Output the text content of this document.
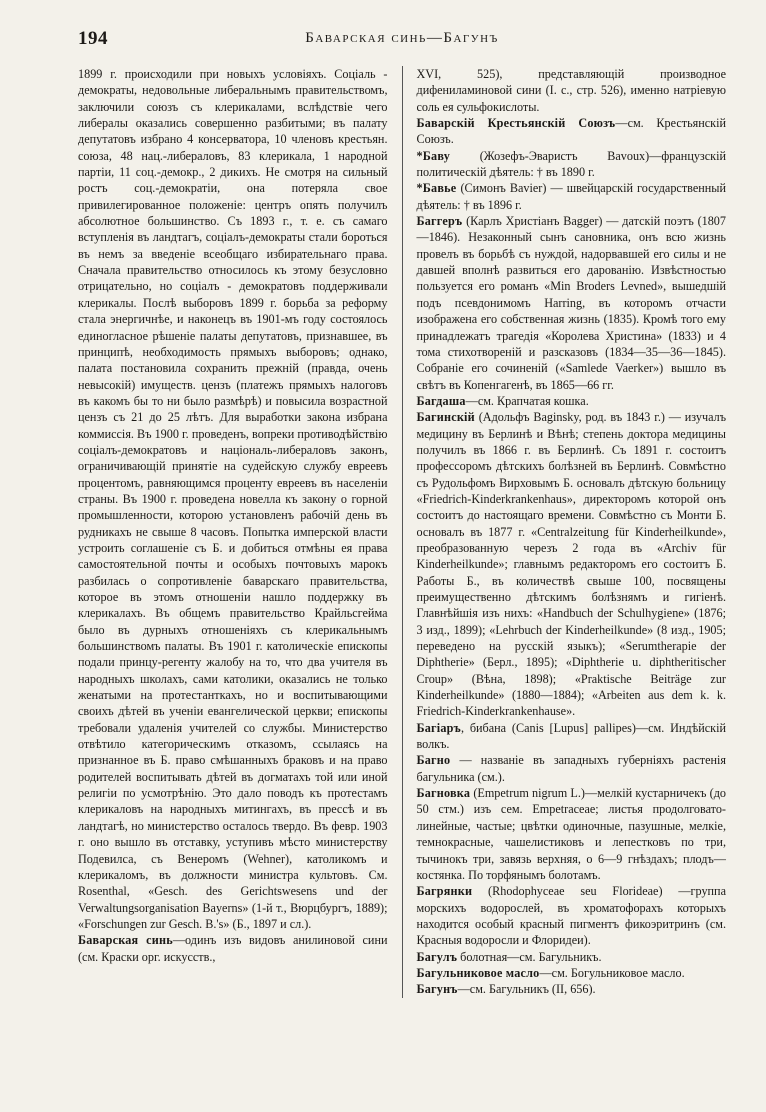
194	Баварская синь—Багунъ

1899 г. происходили при новыхъ условіяхъ. Соціаль - демократы, недовольные либеральнымъ правительствомъ, заключили союзъ съ клерикалами, вслѣдствіе чего либералы оказались совершенно разбитыми; въ палату депутатовъ избрано 4 консерватора, 10 членовъ крестьян. союза, 48 нац.-либераловъ, 83 клерикала, 1 народной партіи, 11 соц.-демокр., 2 дикихъ. Не смотря на сильный ростъ соц.-демократіи, она потеряла свое привилегированное положеніе: центръ опять получилъ абсолютное большинство. Съ 1893 г., т. е. съ самаго вступленія въ ландтагъ, соціалъ-демократы стали бороться въ немъ за введеніе всеобщаго избирательнаго права. Сначала правительство относилось къ этому безусловно отрицательно, но соціалъ - демократовъ поддерживали клерикалы. Послѣ выборовъ 1899 г. борьба за реформу стала энергичнѣе, и наконецъ въ 1901-мъ году состоялось единогласное рѣшеніе палаты депутатовъ, признавшее, въ принципѣ, необходимость прямыхъ выборовъ; однако, палата постановила сохранить прежній (правда, очень невысокій) имуществ. цензъ (платежъ прямыхъ налоговъ въ какомъ бы то ни было размѣрѣ) и повысила возрастной цензъ съ 21 до 25 лѣтъ. Для выработки закона избрана коммиссія. Въ 1900 г. проведенъ, вопреки противодѣйствію соціалъ-демократовъ и національ-либераловъ законъ, ограничивающій принятіе на судейскую службу евреевъ процентомъ, равняющимся проценту евреевъ въ населеніи страны. Въ 1900 г. проведена новелла къ закону о горной промышленности, которою установленъ рабочій день въ рудникахъ не свыше 8 часовъ. Попытка имперской власти устроить соглашеніе съ Б. и добиться отмѣны ея права самостоятельной почты и особыхъ почтовыхъ марокъ разбилась о сопротивленіе баварскаго правительства, которое въ этомъ отношеніи нашло поддержку въ клерикалахъ. Въ общемъ правительство Крайльсгейма было въ дурныхъ отношеніяхъ съ клерикальнымъ большинствомъ палаты. Въ 1901 г. католическіе епископы подали принцу-регенту жалобу на то, что два учителя въ народныхъ школахъ, сами католики, оказались не только женатыми на протестанткахъ, но и воспитывающими своихъ дѣтей въ ученіи евангелической церкви; епископы требовали удаленія учителей со службы. Министерство отвѣтило категорическимъ отказомъ, ссылаясь на признанное въ Б. право смѣшанныхъ браковъ и на право родителей воспитывать дѣтей въ догматахъ той или иной религіи по усмотрѣнію. Это дало поводъ къ протестамъ клерикаловъ на народныхъ митингахъ, въ прессѣ и въ ландтагѣ, но министерство осталось твердо. Въ февр. 1903 г. оно вышло въ отставку, уступивъ мѣсто министерству Подевилса, съ Венеромъ (Wehner), католикомъ и клерикаломъ, въ должности министра культовъ. См. Rosenthal, «Gesch. des Gerichtswesens und der Verwaltungsorganisation Bayerns» (1-й т., Вюрцбургъ, 1889); «Forschungen zur Gesch. B.'s» (Б., 1897 и сл.).

Баварская синь—одинъ изъ видовъ анилиновой сини (см. Краски орг. искусств.,

XVI, 525), представляющій производное дифениламиновой сини (I. с., стр. 526), именно натріевую соль ея сульфокислоты.

Баварскій Крестьянскій Союзъ—см. Крестьянскій Союзъ.

*Баву (Жозефъ-Эваристъ Bavoux)—французскій политическій дѣятель: † въ 1890 г.

*Бавье (Симонъ Bavier) — швейцарскій государственный дѣятель: † въ 1896 г.

Баггеръ (Карлъ Христіанъ Bagger) — датскій поэтъ (1807—1846). Незаконный сынъ сановника, онъ всю жизнь провелъ въ борьбѣ съ нуждой, надорвавшей его силы и не давшей вполнѣ развиться его дарованію. Извѣстностью пользуется его романъ «Min Broders Levned», вышедшій подъ псевдонимомъ Harring, въ которомъ отчасти изображена его собственная жизнь (1835). Кромѣ того ему принадлежатъ трагедія «Королева Христина» (1833) и 4 тома стихотвореній и разсказовъ (1834—35—36—1845). Собраніе его сочиненій («Samlede Vaerker») вышло въ свѣтъ въ Копенгагенѣ, въ 1865—66 гг.

Багдаша—см. Крапчатая кошка.

Багинскій (Адольфъ Baginsky, род. въ 1843 г.) — изучалъ медицину въ Берлинѣ и Вѣнѣ; степень доктора медицины получилъ въ 1866 г. въ Берлинѣ. Съ 1891 г. состоитъ профессоромъ дѣтскихъ болѣзней въ Берлинѣ. Совмѣстно съ Рудольфомъ Вирховымъ Б. основалъ дѣтскую больницу «Friedrich-Kinderkrankenhaus», директоромъ которой онъ состоитъ до настоящаго времени. Совмѣстно съ Монти Б. основалъ въ 1877 г. «Centralzeitung für Kinderheilkunde», преобразованную черезъ 2 года въ «Archiv für Kinderheilkunde»; главнымъ редакторомъ его состоитъ Б. Работы Б., въ количествѣ свыше 100, посвящены преимущественно дѣтскимъ болѣзнямъ и гигіенѣ. Главнѣйшія изъ нихъ: «Handbuch der Schulhygiene» (1876; 3 изд., 1899); «Lehrbuch der Kinderheilkunde» (8 изд., 1905; переведено на русскій языкъ); «Serumtherapie der Diphtherie» (Берл., 1895); «Diphtherie u. diphtheritischer Croup» (Вѣна, 1898); «Praktische Beiträge zur Kinderheilkunde» (1880—1884); «Arbeiten aus dem k. k. Friedrich-Kinderkrankenhause».

Багіаръ, бибана (Canis [Lupus] pallipes)—см. Индѣйскій волкъ.

Багно — названіе въ западныхъ губерніяхъ растенія багульника (см.).

Багновка (Empetrum nigrum L.)—мелкій кустарничекъ (до 50 стм.) изъ сем. Empetraceae; листья продолговато-линейные, частые; цвѣтки одиночные, пазушные, мелкіе, темнокрасные, чашелистиковъ и лепестковъ по три, тычинокъ три, завязь верхняя, о 6—9 гнѣздахъ; плодъ—костянка. По торфянымъ болотамъ.

Багрянки (Rhodophyceae seu Florideae) —группа морскихъ водорослей, въ хроматофорахъ которыхъ находится особый красный пигментъ фикоэритринъ (см. Красныя водоросли и Флоридеи).

Багулъ болотная—см. Багульникъ.

Багульниковое масло—см. Богульниковое масло.

Багунъ—см. Багульникъ (II, 656).
